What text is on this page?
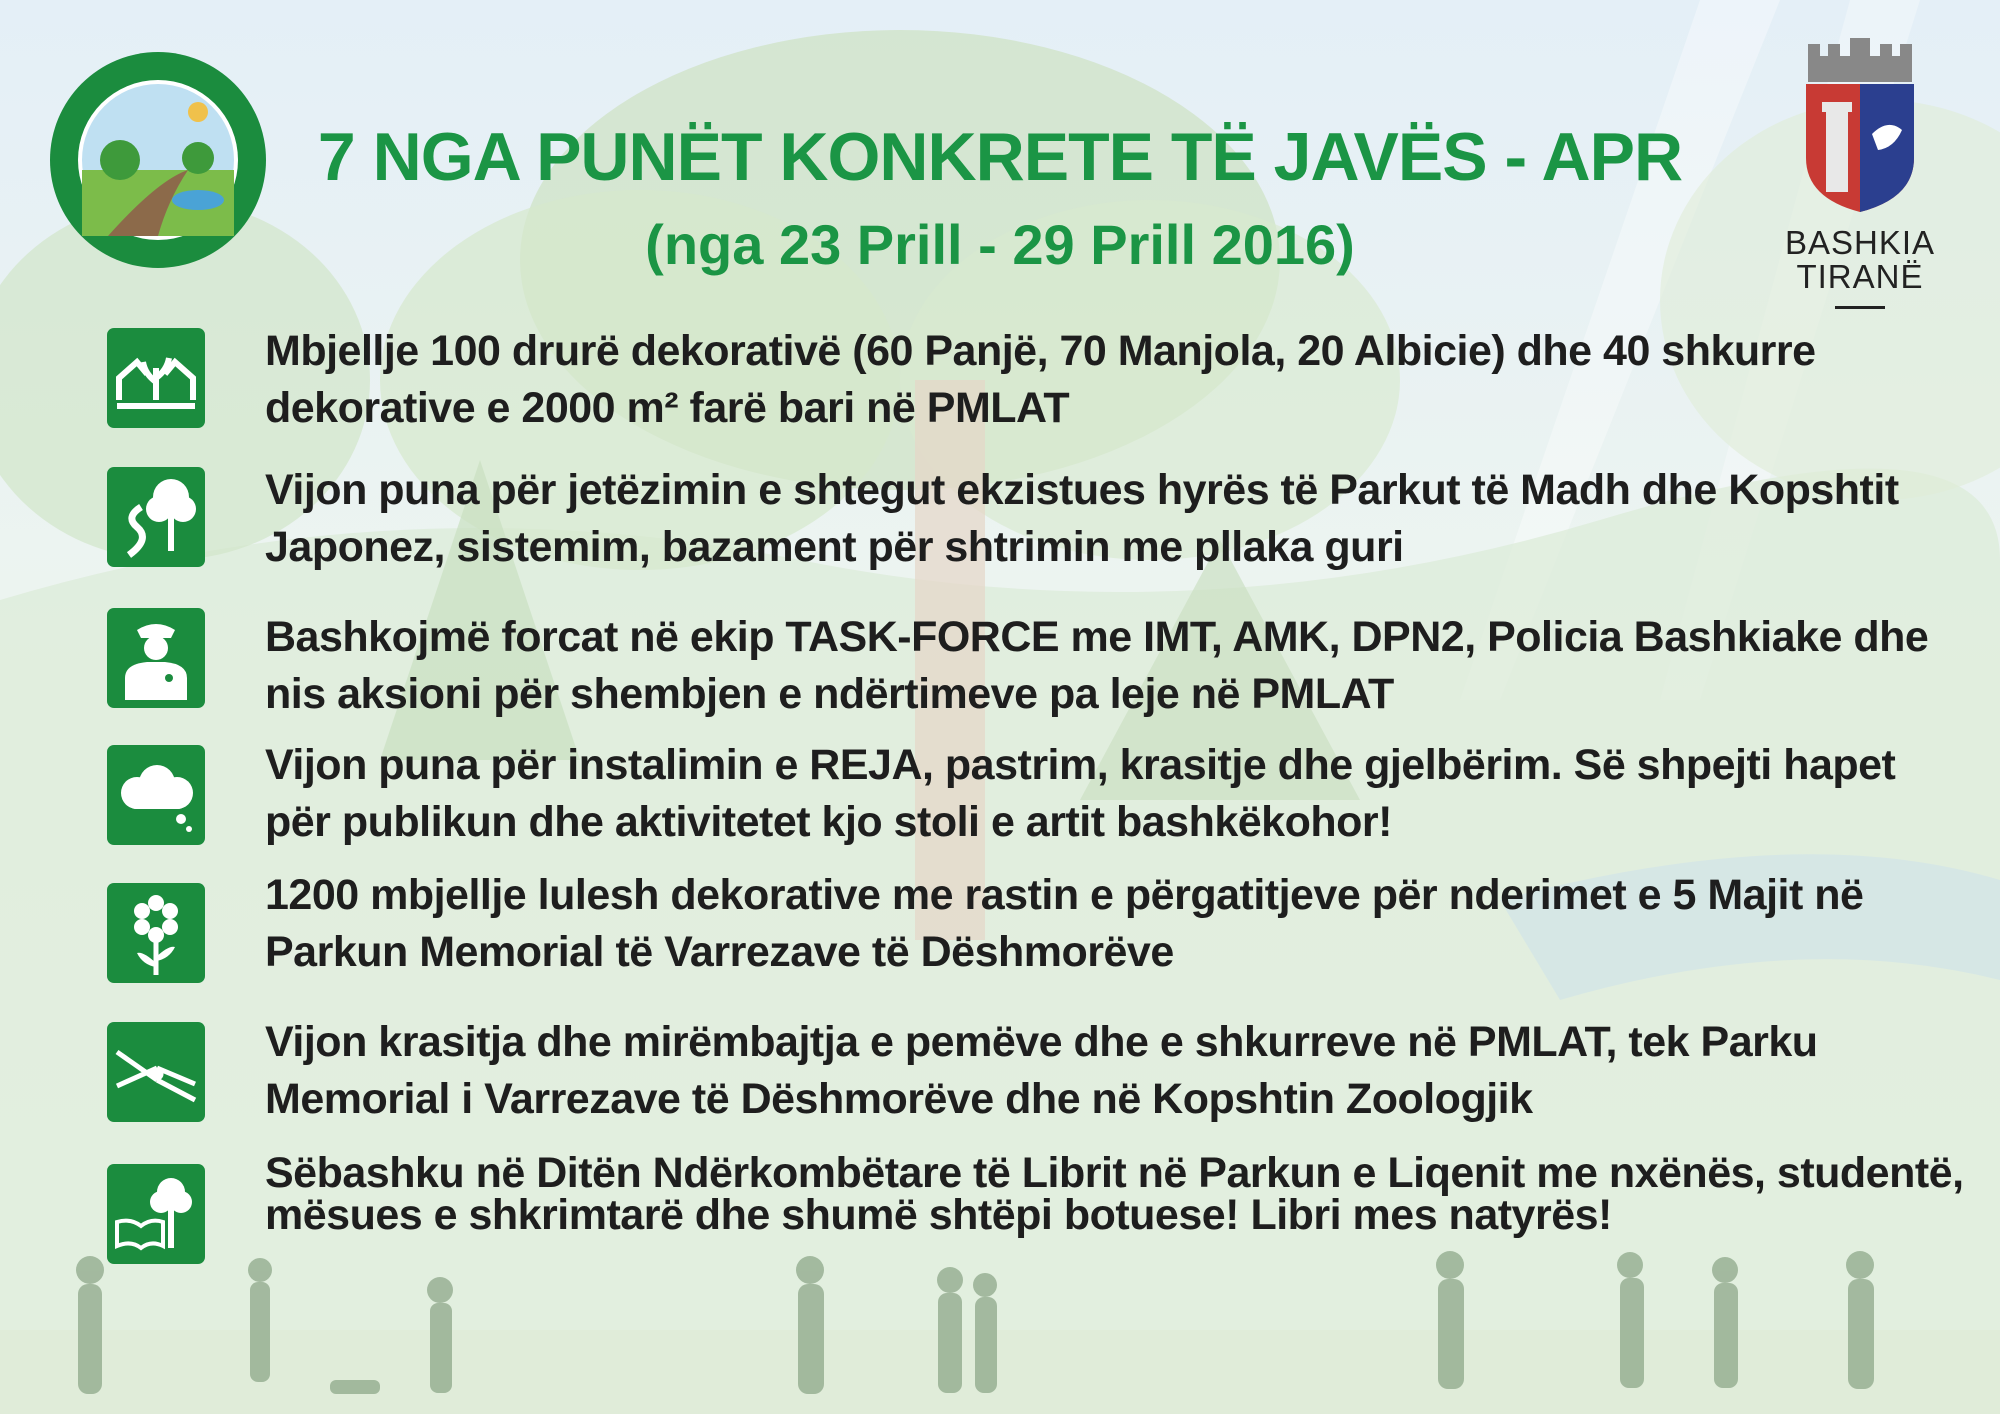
BASHKIA
TIRANË
7 NGA PUNËT KONKRETE TË JAVËS - APR
(nga 23 Prill - 29 Prill 2016)
Mbjellje 100 drurë dekorativë (60 Panjë, 70 Manjola, 20 Albicie) dhe 40 shkurre dekorative e 2000 m² farë bari në PMLAT
Vijon puna për jetëzimin e shtegut ekzistues hyrës të Parkut të Madh dhe Kopshtit Japonez, sistemim, bazament për shtrimin me pllaka guri
Bashkojmë forcat në ekip TASK-FORCE me IMT, AMK, DPN2, Policia Bashkiake dhe nis aksioni për shembjen e ndërtimeve pa leje në PMLAT
Vijon puna për instalimin e REJA, pastrim, krasitje dhe gjelbërim. Së shpejti hapet për publikun dhe aktivitetet kjo stoli e artit bashkëkohor!
1200 mbjellje lulesh dekorative me rastin e përgatitjeve për nderimet e 5 Majit në Parkun Memorial të Varrezave të Dëshmorëve
Vijon krasitja dhe mirëmbajtja e pemëve dhe e shkurreve në PMLAT, tek Parku Memorial i Varrezave të Dëshmorëve dhe në Kopshtin Zoologjik
Sëbashku në Ditën Ndërkombëtare të Librit në Parkun e Liqenit me nxënës, studentë, mësues e shkrimtarë dhe shumë shtëpi botuese! Libri mes natyrës!
